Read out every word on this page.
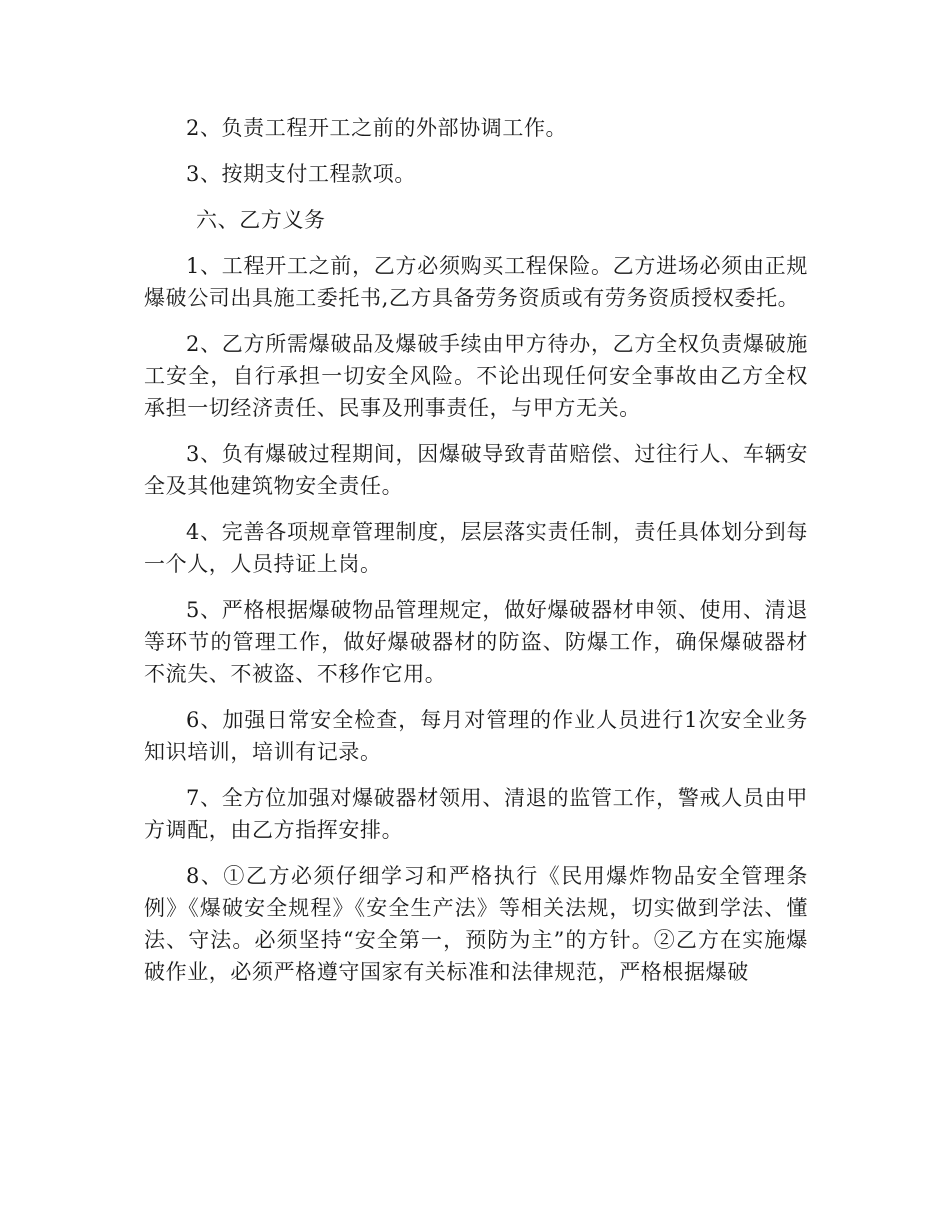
2、负责工程开工之前的外部协调工作。

3、按期支付工程款项。

六、乙方义务

1、工程开工之前，乙方必须购买工程保险。乙方进场必须由正规爆破公司出具施工委托书,乙方具备劳务资质或有劳务资质授权委托。

2、乙方所需爆破品及爆破手续由甲方待办，乙方全权负责爆破施工安全，自行承担一切安全风险。不论出现任何安全事故由乙方全权承担一切经济责任、民事及刑事责任，与甲方无关。

3、负有爆破过程期间，因爆破导致青苗赔偿、过往行人、车辆安全及其他建筑物安全责任。

4、完善各项规章管理制度，层层落实责任制，责任具体划分到每一个人，人员持证上岗。

5、严格根据爆破物品管理规定，做好爆破器材申领、使用、清退等环节的管理工作，做好爆破器材的防盗、防爆工作，确保爆破器材不流失、不被盗、不移作它用。

6、加强日常安全检查，每月对管理的作业人员进行1次安全业务知识培训，培训有记录。

7、全方位加强对爆破器材领用、清退的监管工作，警戒人员由甲方调配，由乙方指挥安排。

8、①乙方必须仔细学习和严格执行《民用爆炸物品安全管理条例》《爆破安全规程》《安全生产法》等相关法规，切实做到学法、懂法、守法。必须坚持“安全第一，预防为主”的方针。②乙方在实施爆破作业，必须严格遵守国家有关标准和法律规范，严格根据爆破
